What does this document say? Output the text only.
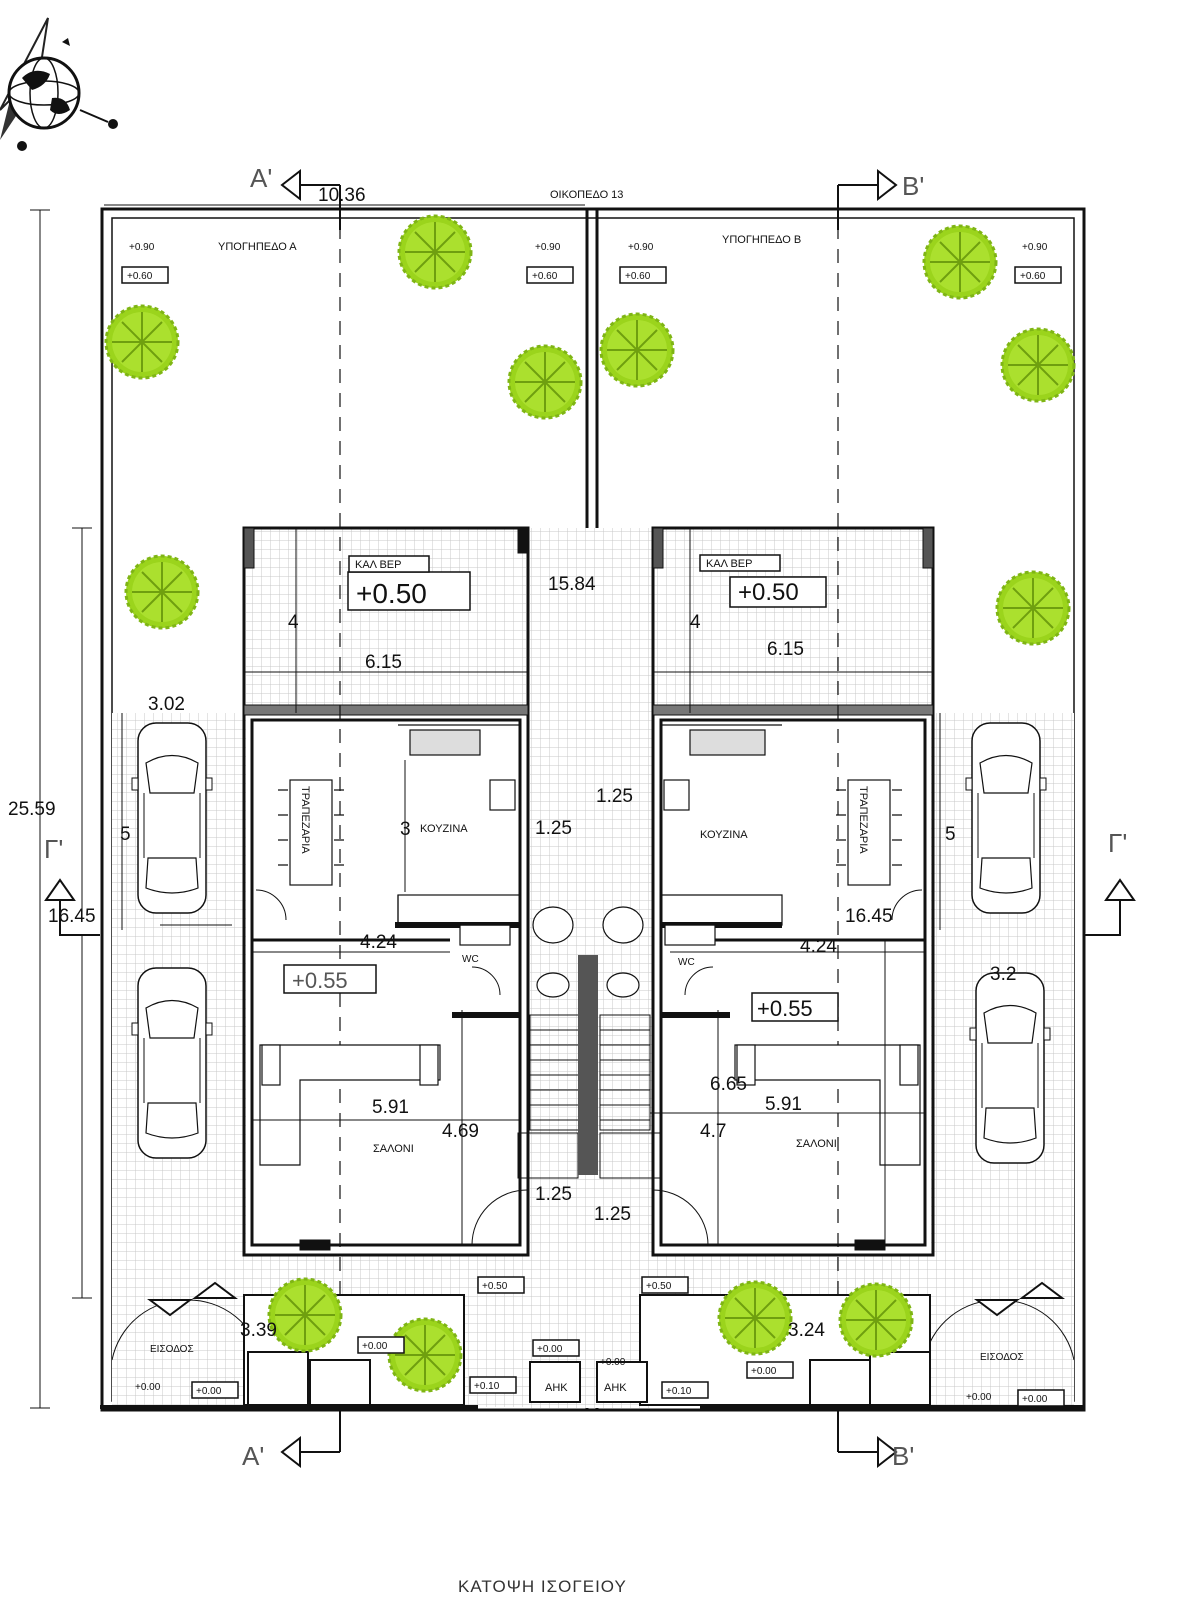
A'	B'
A'	B'
Γ'	Γ'
ΟΙΚΟΠΕΔΟ 13
10.36
25.59
15.84
ΥΠΟΓΗΠΕΔΟ Α
ΥΠΟΓΗΠΕΔΟ Β
+0.90	+0.90	+0.90	+0.90
+0.60	+0.60	+0.60	+0.60
ΚΑΛ ΒΕΡ	ΚΑΛ ΒΕΡ
+0.50	+0.50
6.15
6.15
4	4
3.02
5	5
16.45	16.45
3.2
3 ΚΟΥΖΙΝΑ	ΚΟΥΖΙΝΑ
ΤΡΑΠΕΖΑΡΙΑ	ΤΡΑΠΕΖΑΡΙΑ
1.25
1.25
1.25
1.25
4.24	4.24
WC	WC
+0.55
+0.55
6.65
5.91	5.91
4.69	4.7
ΣΑΛΟΝΙ	ΣΑΛΟΝΙ
+0.50	+0.50
3.39	3.24
+0.00	+0.00
+0.00
+0.10	+0.10
+0.00
+0.00
+0.00
+0.00
+0.00
ΑΗΚ	ΑΗΚ
ΕΙΣΟΔΟΣ
ΕΙΣΟΔΟΣ
ΚΑΤΟΨΗ ΙΣΟΓΕΙΟΥ
